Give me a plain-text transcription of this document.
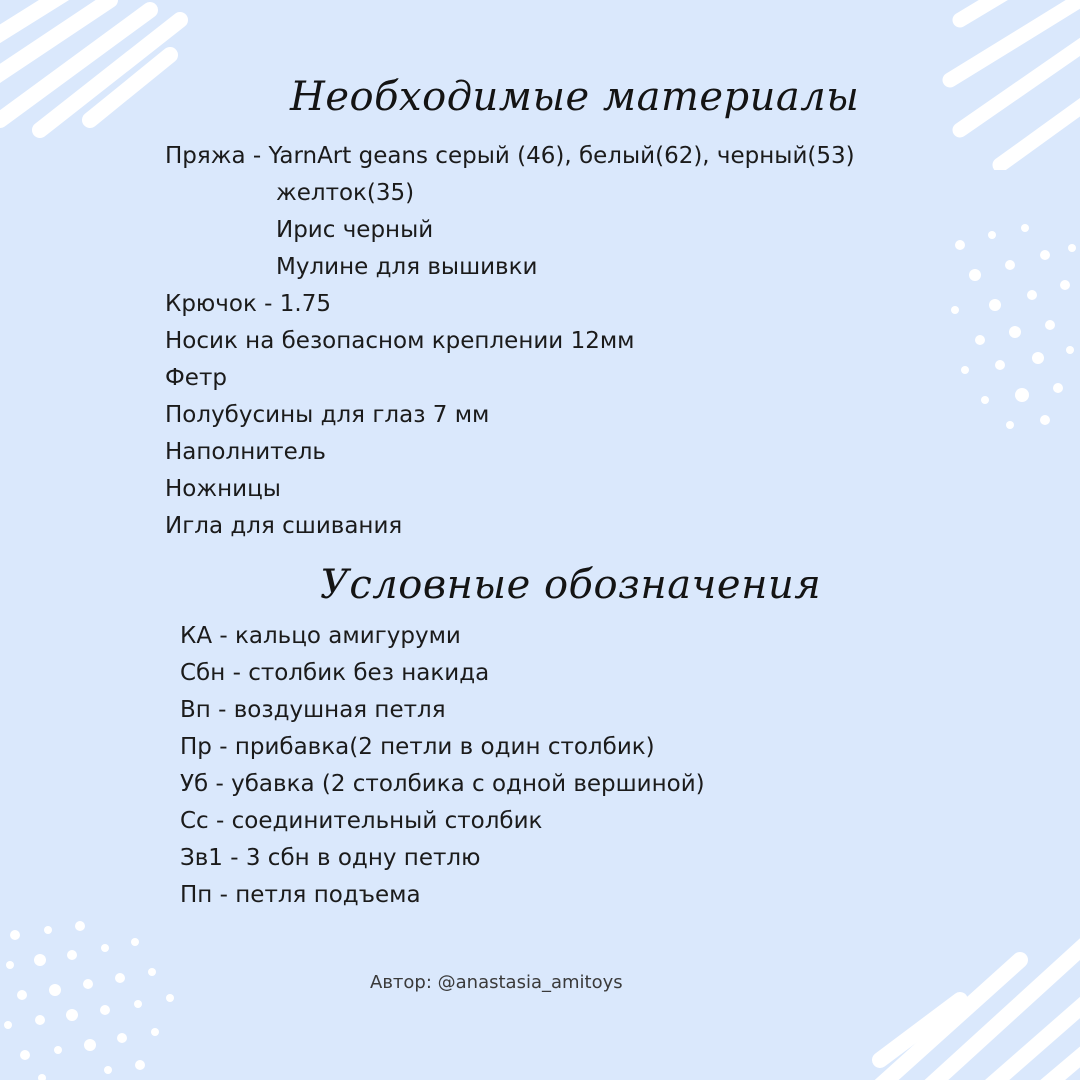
Необходимые материалы

Пряжа - YarnArt geans серый (46), белый(62), черный(53)

желток(35)

Ирис черный

Мулине для вышивки

Крючок - 1.75

Носик на безопасном креплении 12мм

Фетр

Полубусины для глаз 7 мм

Наполнитель

Ножницы

Игла для сшивания

Условные обозначения

КА - кальцо амигуруми

Сбн - столбик без накида

Вп - воздушная петля

Пр - прибавка(2 петли в один столбик)

Уб - убавка (2 столбика с одной вершиной)

Сс - соединительный столбик

Зв1 - 3 сбн в одну петлю

Пп - петля подъема

Автор: @anastasia_amitoys
